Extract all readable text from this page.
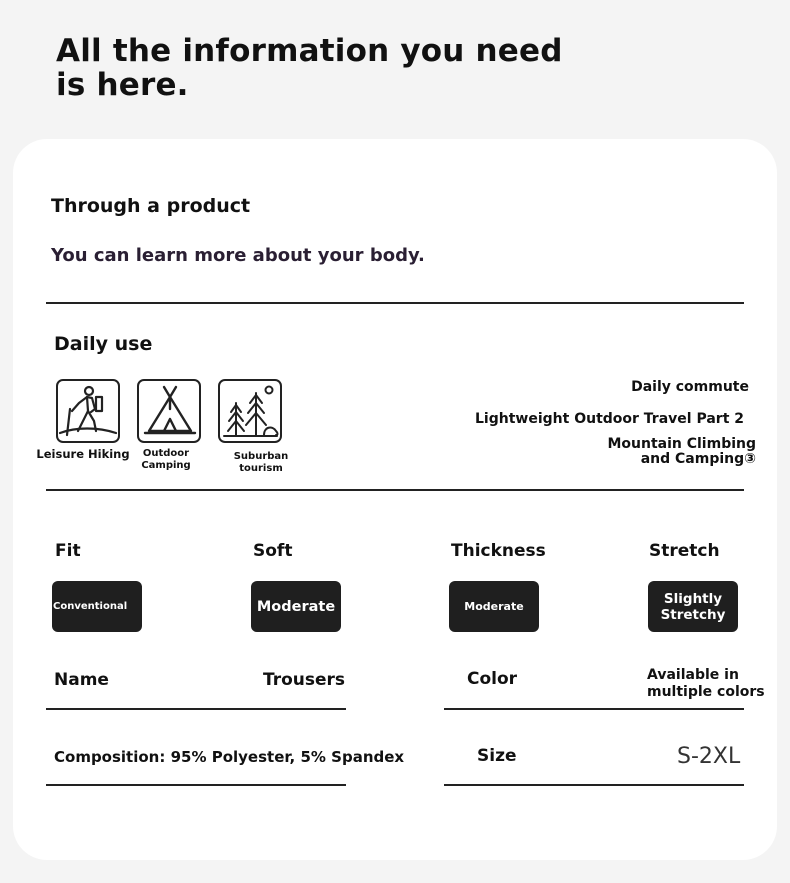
All the information you need
is here.
Through a product
You can learn more about your body.
Daily use
Leisure Hiking	Outdoor
Camping
Suburban tourism
Daily commute
Lightweight Outdoor Travel Part 2
Mountain Climbing
and Camping③
Fit	Soft	Thickness	Stretch
Conventional	Moderate	Moderate	Slightly
Stretchy
Name	Trousers	Color	Available in
multiple colors
Composition: 95% Polyester, 5% Spandex	Size	S-2XL
